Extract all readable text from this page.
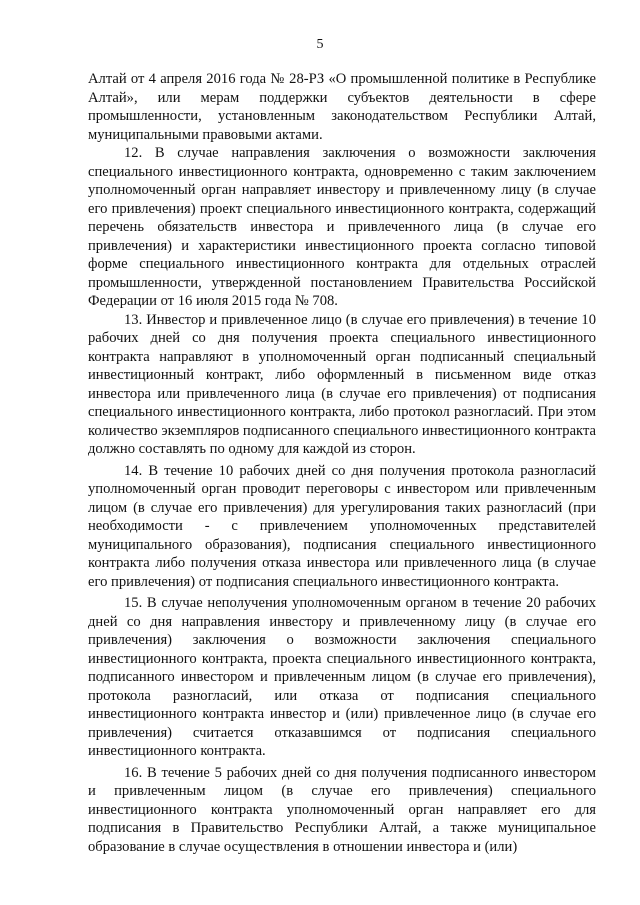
5

Алтай от 4 апреля 2016 года № 28-РЗ «О промышленной политике в Республике Алтай», или мерам поддержки субъектов деятельности в сфере промышленности, установленным законодательством Республики Алтай, муниципальными правовыми актами.

12. В случае направления заключения о возможности заключения специального инвестиционного контракта, одновременно с таким заключением уполномоченный орган направляет инвестору и привлеченному лицу (в случае его привлечения) проект специального инвестиционного контракта, содержащий перечень обязательств инвестора и привлеченного лица (в случае его привлечения) и характеристики инвестиционного проекта согласно типовой форме специального инвестиционного контракта для отдельных отраслей промышленности, утвержденной постановлением Правительства Российской Федерации от 16 июля 2015 года № 708.

13. Инвестор и привлеченное лицо (в случае его привлечения) в течение 10 рабочих дней со дня получения проекта специального инвестиционного контракта направляют в уполномоченный орган подписанный специальный инвестиционный контракт, либо оформленный в письменном виде отказ инвестора или привлеченного лица (в случае его привлечения) от подписания специального инвестиционного контракта, либо протокол разногласий. При этом количество экземпляров подписанного специального инвестиционного контракта должно составлять по одному для каждой из сторон.

14. В течение 10 рабочих дней со дня получения протокола разногласий уполномоченный орган проводит переговоры с инвестором или привлеченным лицом (в случае его привлечения) для урегулирования таких разногласий (при необходимости - с привлечением уполномоченных представителей муниципального образования), подписания специального инвестиционного контракта либо получения отказа инвестора или привлеченного лица (в случае его привлечения) от подписания специального инвестиционного контракта.

15. В случае неполучения уполномоченным органом в течение 20 рабочих дней со дня направления инвестору и привлеченному лицу (в случае его привлечения) заключения о возможности заключения специального инвестиционного контракта, проекта специального инвестиционного контракта, подписанного инвестором и привлеченным лицом (в случае его привлечения), протокола разногласий, или отказа от подписания специального инвестиционного контракта инвестор и (или) привлеченное лицо (в случае его привлечения) считается отказавшимся от подписания специального инвестиционного контракта.

16. В течение 5 рабочих дней со дня получения подписанного инвестором и привлеченным лицом (в случае его привлечения) специального инвестиционного контракта уполномоченный орган направляет его для подписания в Правительство Республики Алтай, а также муниципальное образование в случае осуществления в отношении инвестора и (или)
